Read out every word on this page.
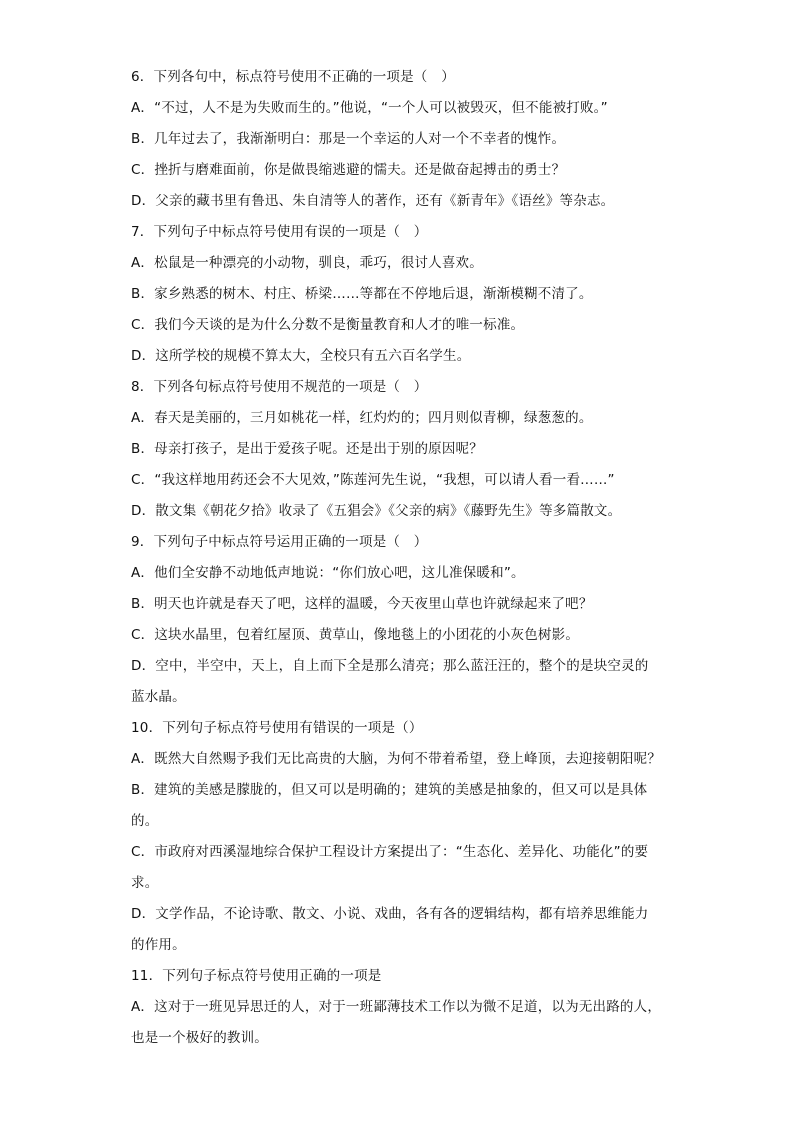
6．下列各句中，标点符号使用不正确的一项是（　）
A．“不过，人不是为失败而生的。”他说，“一个人可以被毁灭，但不能被打败。”
B．几年过去了，我渐渐明白：那是一个幸运的人对一个不幸者的愧怍。
C．挫折与磨难面前，你是做畏缩逃避的懦夫。还是做奋起搏击的勇士？
D．父亲的藏书里有鲁迅、朱自清等人的著作，还有《新青年》《语丝》等杂志。
7．下列句子中标点符号使用有误的一项是（　）
A．松鼠是一种漂亮的小动物，驯良，乖巧，很讨人喜欢。
B．家乡熟悉的树木、村庄、桥梁……等都在不停地后退，渐渐模糊不清了。
C．我们今天谈的是为什么分数不是衡量教育和人才的唯一标准。
D．这所学校的规模不算太大，全校只有五六百名学生。
8．下列各句标点符号使用不规范的一项是（　）
A．春天是美丽的，三月如桃花一样，红灼灼的；四月则似青柳，绿葱葱的。
B．母亲打孩子，是出于爱孩子呢。还是出于别的原因呢？
C．“我这样地用药还会不大见效，”陈莲河先生说，“我想，可以请人看一看……”
D．散文集《朝花夕拾》收录了《五猖会》《父亲的病》《藤野先生》等多篇散文。
9．下列句子中标点符号运用正确的一项是（　）
A．他们全安静不动地低声地说：“你们放心吧，这儿准保暖和”。
B．明天也许就是春天了吧，这样的温暖，今天夜里山草也许就绿起来了吧？
C．这块水晶里，包着红屋顶、黄草山，像地毯上的小团花的小灰色树影。
D．空中，半空中，天上，自上而下全是那么清亮；那么蓝汪汪的，整个的是块空灵的
蓝水晶。
10．下列句子标点符号使用有错误的一项是（）
A．既然大自然赐予我们无比高贵的大脑，为何不带着希望，登上峰顶，去迎接朝阳呢？
B．建筑的美感是朦胧的，但又可以是明确的；建筑的美感是抽象的，但又可以是具体
的。
C．市政府对西溪湿地综合保护工程设计方案提出了：“生态化、差异化、功能化”的要
求。
D．文学作品，不论诗歌、散文、小说、戏曲，各有各的逻辑结构，都有培养思维能力
的作用。
11．下列句子标点符号使用正确的一项是
A．这对于一班见异思迁的人，对于一班鄙薄技术工作以为微不足道，以为无出路的人，
也是一个极好的教训。
